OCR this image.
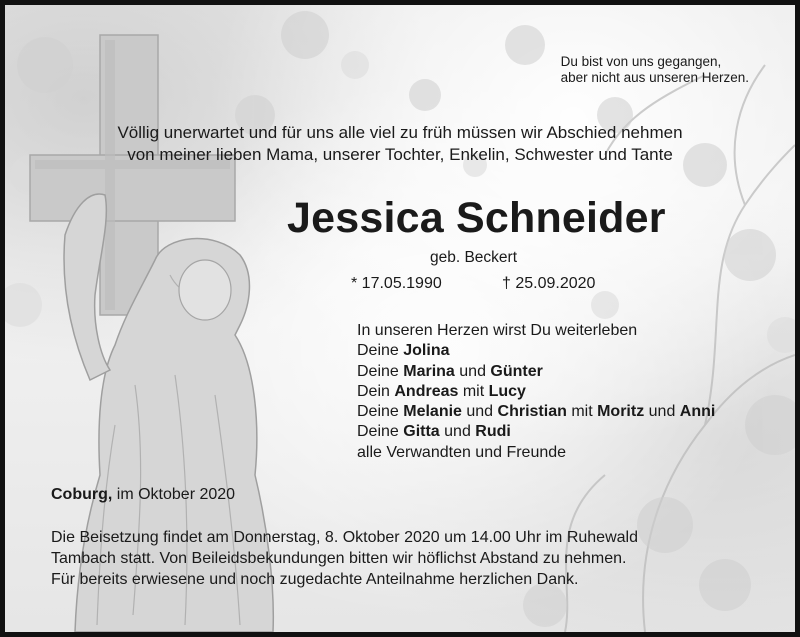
Du bist von uns gegangen,
aber nicht aus unseren Herzen.
Völlig unerwartet und für uns alle viel zu früh müssen wir Abschied nehmen
von meiner lieben Mama, unserer Tochter, Enkelin, Schwester und Tante
Jessica Schneider
geb. Beckert
* 17.05.1990	† 25.09.2020
In unseren Herzen wirst Du weiterleben
Deine Jolina
Deine Marina und Günter
Dein Andreas mit Lucy
Deine Melanie und Christian mit Moritz und Anni
Deine Gitta und Rudi
alle Verwandten und Freunde
Coburg, im Oktober 2020
Die Beisetzung findet am Donnerstag, 8. Oktober 2020 um 14.00 Uhr im Ruhewald
Tambach statt. Von Beileidsbekundungen bitten wir höflichst Abstand zu nehmen.
Für bereits erwiesene und noch zugedachte Anteilnahme herzlichen Dank.
